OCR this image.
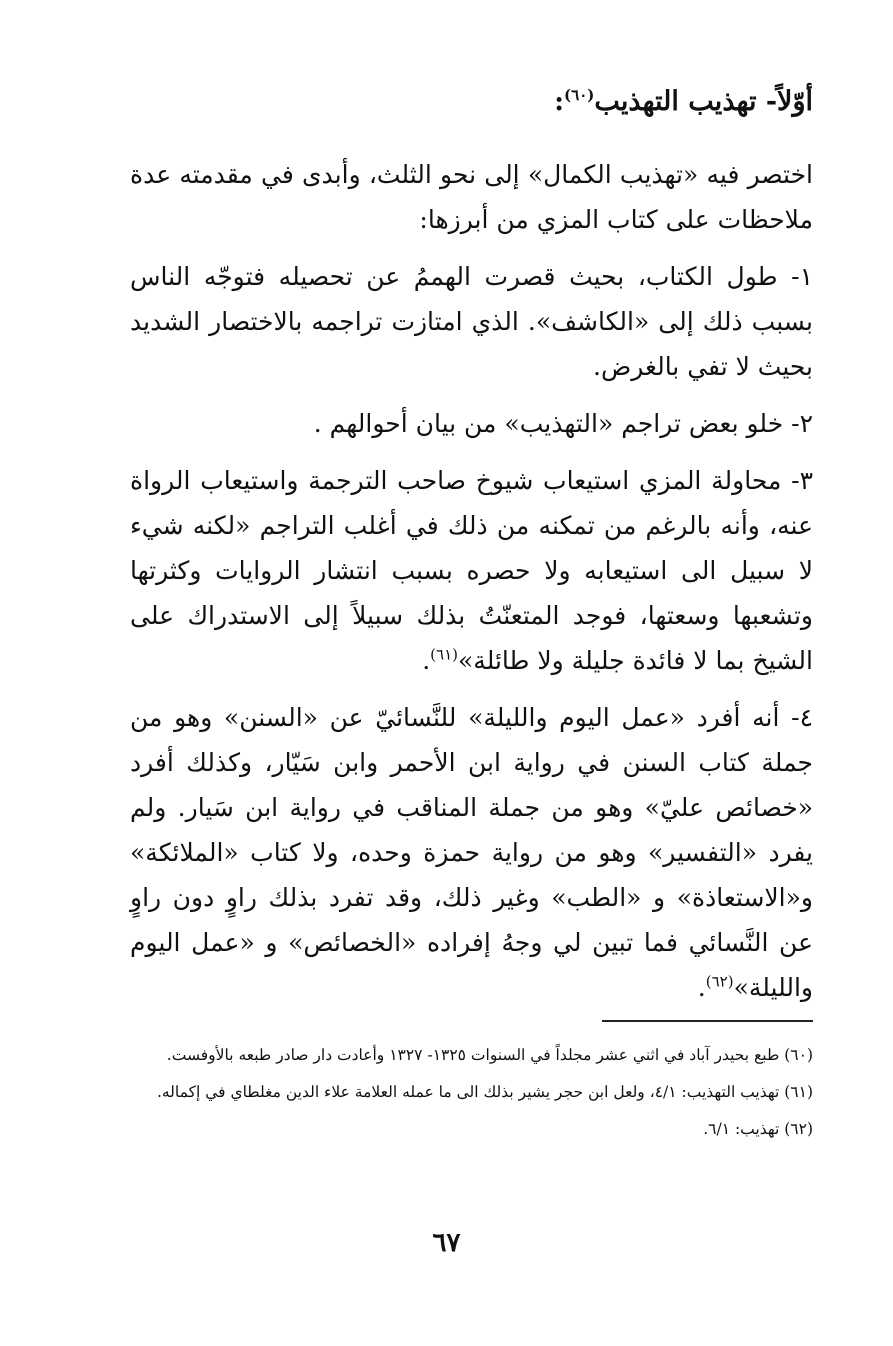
أوّلاً- تهذيب التهذيب$^{(٦٠)}$:

اختصر فيه «تهذيب الكمال» إلى نحو الثلث، وأبدى في مقدمته عدة ملاحظات على كتاب المزي من أبرزها:

١- طول الكتاب، بحيث قصرت الهممُ عن تحصيله فتوجّه الناس بسبب ذلك إلى «الكاشف». الذي امتازت تراجمه بالاختصار الشديد بحيث لا تفي بالغرض.

٢- خلو بعض تراجم «التهذيب» من بيان أحوالهم .

٣- محاولة المزي استيعاب شيوخ صاحب الترجمة واستيعاب الرواة عنه، وأنه بالرغم من تمكنه من ذلك في أغلب التراجم «لكنه شيء لا سبيل الى استيعابه ولا حصره بسبب انتشار الروايات وكثرتها وتشعبها وسعتها، فوجد المتعنّتُ بذلك سبيلاً إلى الاستدراك على الشيخ بما لا فائدة جليلة ولا طائلة»$^{(٦١)}$.

٤- أنه أفرد «عمل اليوم والليلة» للنَّسائيّ عن «السنن» وهو من جملة كتاب السنن في رواية ابن الأحمر وابن سَيّار، وكذلك أفرد «خصائص عليّ» وهو من جملة المناقب في رواية ابن سَيار. ولم يفرد «التفسير» وهو من رواية حمزة وحده، ولا كتاب «الملائكة» و«الاستعاذة» و «الطب» وغير ذلك، وقد تفرد بذلك راوٍ دون راوٍ عن النَّسائي فما تبين لي وجهُ إفراده «الخصائص» و «عمل اليوم والليلة»$^{(٦٢)}$.

(٦٠) طبع بحيدر آباد في اثني عشر مجلداً في السنوات ١٣٢٥- ١٣٢٧ وأعادت دار صادر طبعه بالأوفست.

(٦١) تهذيب التهذيب: ٤/١، ولعل ابن حجر يشير بذلك الى ما عمله العلامة علاء الدين مغلطاي في إكماله.

(٦٢) تهذيب: ٦/١.

٦٧
